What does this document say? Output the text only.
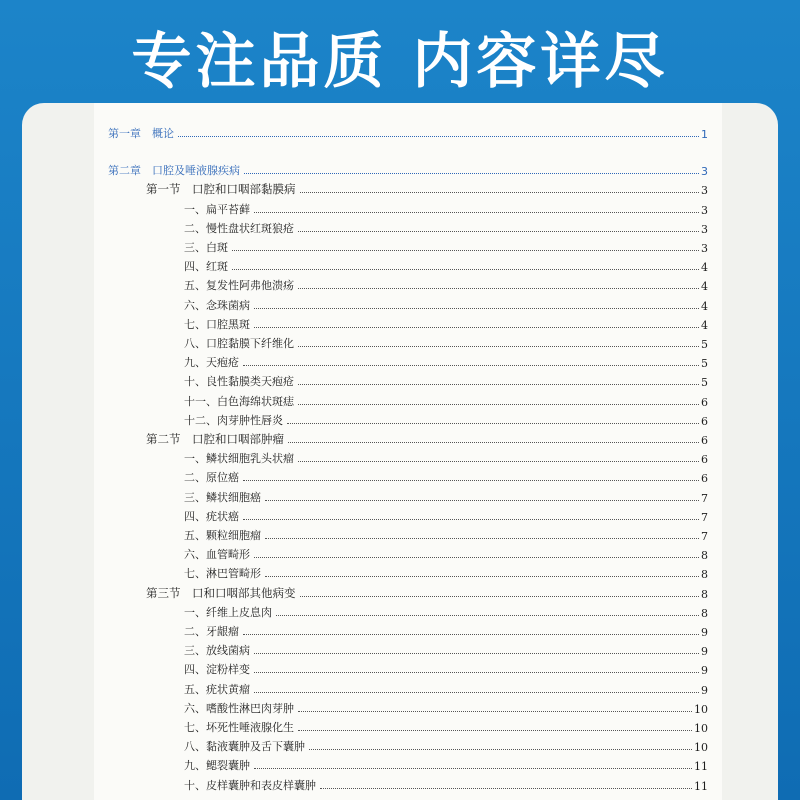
专注品质 内容详尽
第一章　概论	1
第二章　口腔及唾液腺疾病	3
第一节　口腔和口咽部黏膜病	3
一、扁平苔藓	3
二、慢性盘状红斑狼疮	3
三、白斑	3
四、红斑	4
五、复发性阿弗他溃疡	4
六、念珠菌病	4
七、口腔黑斑	4
八、口腔黏膜下纤维化	5
九、天疱疮	5
十、良性黏膜类天疱疮	5
十一、白色海绵状斑痣	6
十二、肉芽肿性唇炎	6
第二节　口腔和口咽部肿瘤	6
一、鳞状细胞乳头状瘤	6
二、原位癌	6
三、鳞状细胞癌	7
四、疣状癌	7
五、颗粒细胞瘤	7
六、血管畸形	8
七、淋巴管畸形	8
第三节　口和口咽部其他病变	8
一、纤维上皮息肉	8
二、牙龈瘤	9
三、放线菌病	9
四、淀粉样变	9
五、疣状黄瘤	9
六、嗜酸性淋巴肉芽肿	10
七、坏死性唾液腺化生	10
八、黏液囊肿及舌下囊肿	10
九、鳃裂囊肿	11
十、皮样囊肿和表皮样囊肿	11
